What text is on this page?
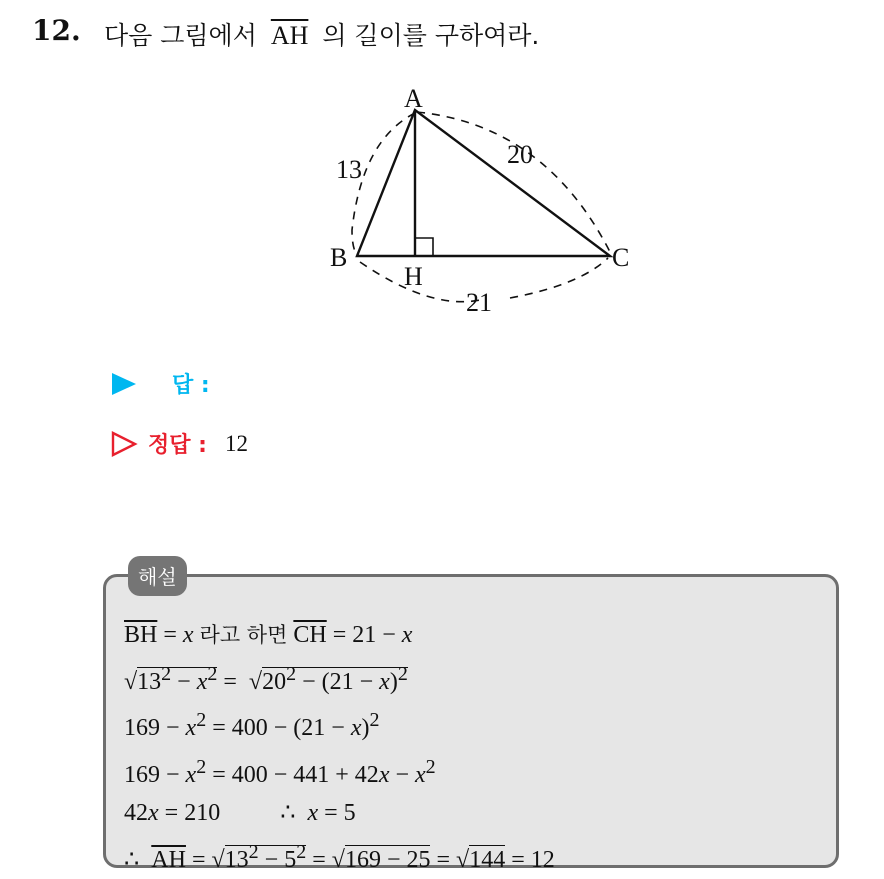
12. 다음 그림에서 $\overline{AH}$ 의 길이를 구하여라.
A
B	C
H
13
20
21
답 :
정답 : 12
해설
$\overline{BH} = x$ 라고 하면 $\overline{CH} = 21 - x$
$√13^2 - x^2 = √20^2 - (21 - x)^2$
$169 - x^2 = 400 - (21 - x)^2$
$169 - x^2 = 400 - 441 + 42x - x^2$
42x = 210          ∴  x = 5
∴  $\overline{AH} = √13^2 - 5^2 = √169 - 25 = √144 = 12$
